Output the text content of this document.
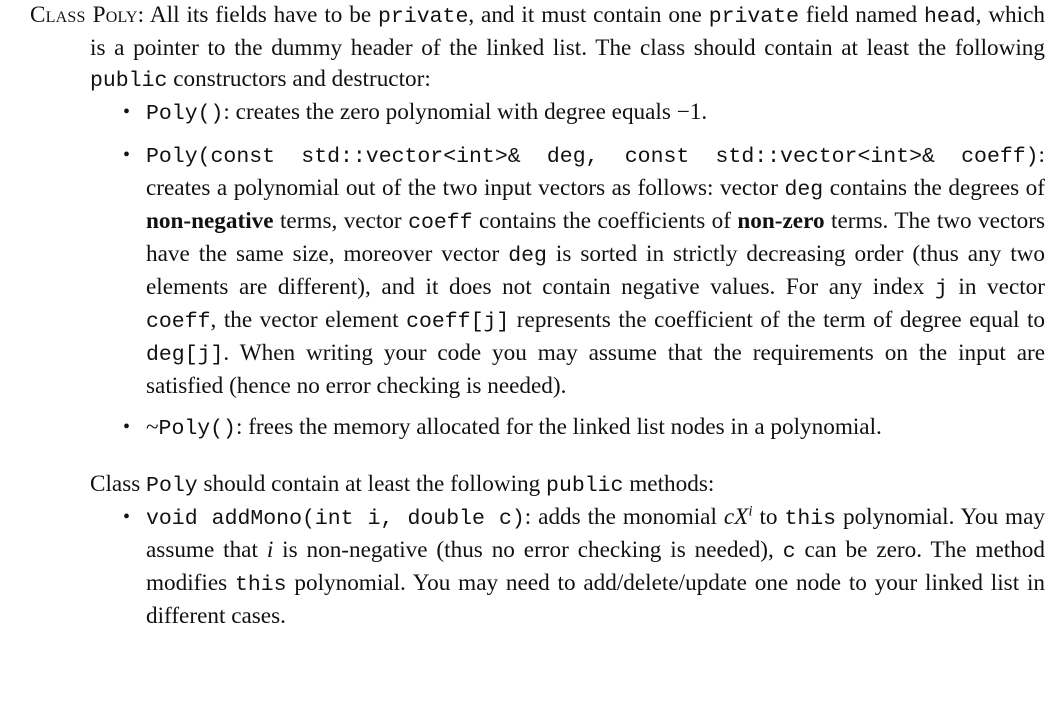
Class Poly: All its fields have to be private, and it must contain one private field named head, which is a pointer to the dummy header of the linked list. The class should contain at least the following public constructors and destructor:

• Poly(): creates the zero polynomial with degree equals −1.
• Poly(const std::vector<int>& deg, const std::vector<int>& coeff): creates a polynomial out of the two input vectors as follows: vector deg contains the degrees of non-negative terms, vector coeff contains the coefficients of non-zero terms. The two vectors have the same size, moreover vector deg is sorted in strictly decreasing order (thus any two elements are different), and it does not contain negative values. For any index j in vector coeff, the vector element coeff[j] represents the coefficient of the term of degree equal to deg[j]. When writing your code you may assume that the requirements on the input are satisfied (hence no error checking is needed).
• ~Poly(): frees the memory allocated for the linked list nodes in a polynomial.

Class Poly should contain at least the following public methods:

• void addMono(int i, double c): adds the monomial $cX^i$ to this polynomial. You may assume that i is non-negative (thus no error checking is needed), c can be zero. The method modifies this polynomial. You may need to add/delete/update one node to your linked list in different cases.
